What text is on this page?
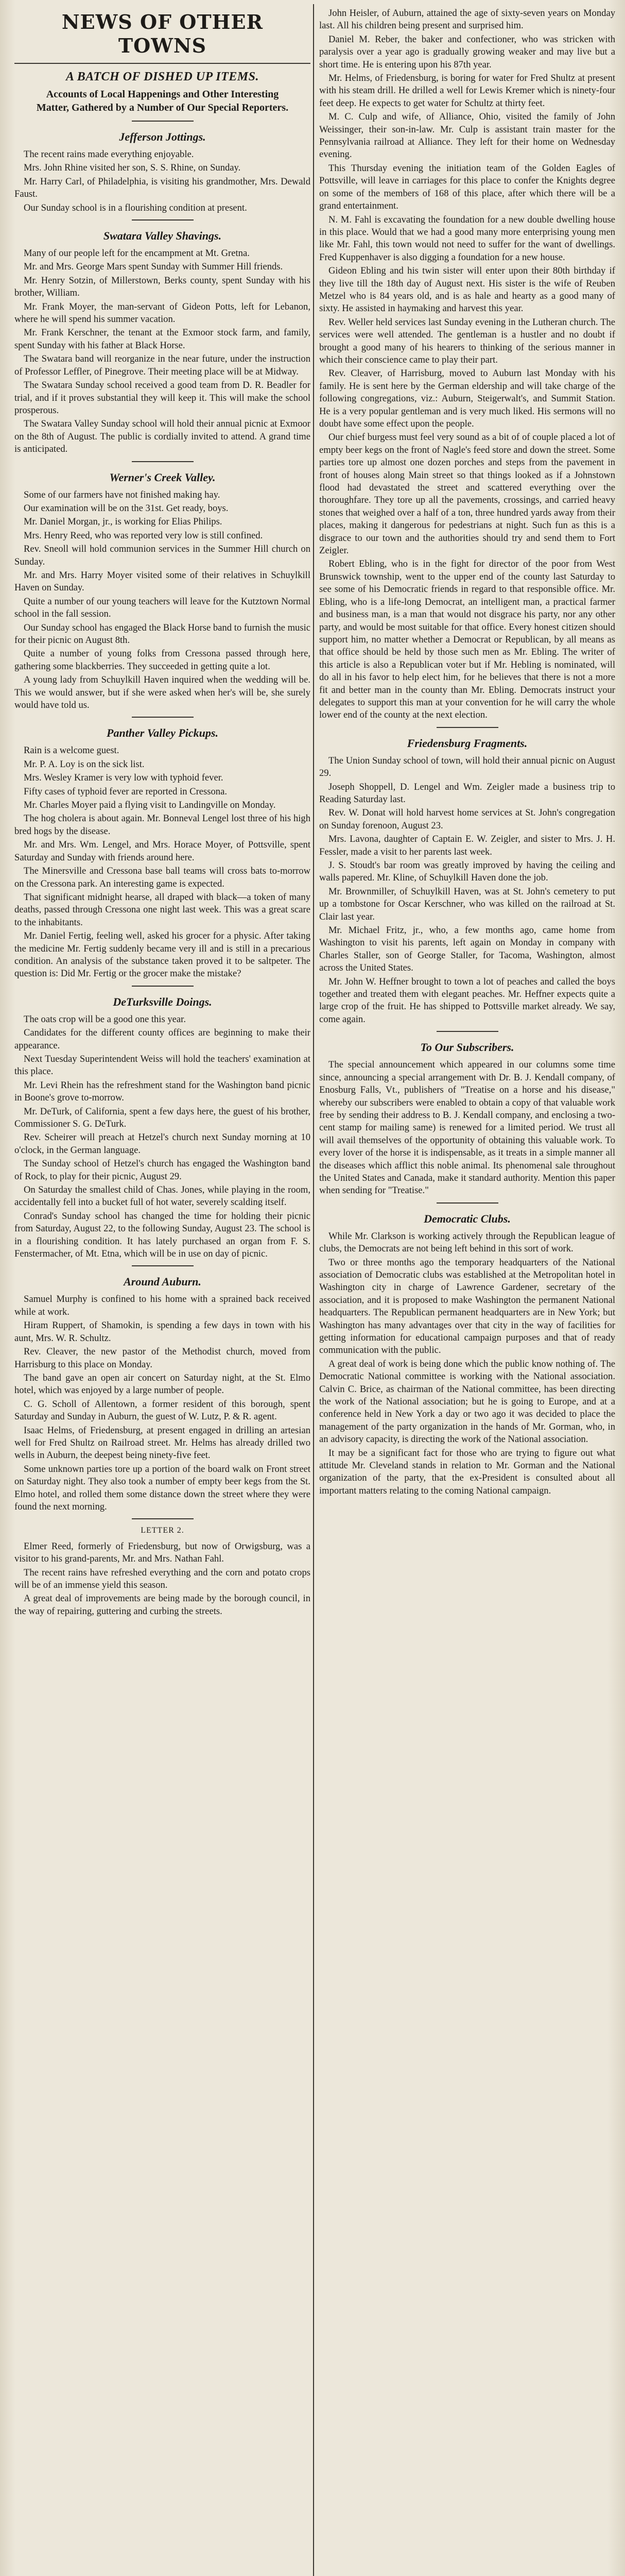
NEWS OF OTHER TOWNS
A BATCH OF DISHED UP ITEMS.
Accounts of Local Happenings and Other Interesting Matter, Gathered by a Number of Our Special Reporters.
Jefferson Jottings.

The recent rains made everything enjoyable.

Mrs. John Rhine visited her son, S. S. Rhine, on Sunday.

Mr. Harry Carl, of Philadelphia, is visiting his grandmother, Mrs. Dewald Faust.

Our Sunday school is in a flourishing condition at present.

Swatara Valley Shavings.

Many of our people left for the encampment at Mt. Gretna.

Mr. and Mrs. George Mars spent Sunday with Summer Hill friends.

Mr. Henry Sotzin, of Millerstown, Berks county, spent Sunday with his brother, William.

Mr. Frank Moyer, the man-servant of Gideon Potts, left for Lebanon, where he will spend his summer vacation.

Mr. Frank Kerschner, the tenant at the Exmoor stock farm, and family, spent Sunday with his father at Black Horse.

The Swatara band will reorganize in the near future, under the instruction of Professor Leffler, of Pinegrove. Their meeting place will be at Midway.

The Swatara Sunday school received a good team from D. R. Beadler for trial, and if it proves substantial they will keep it. This will make the school prosperous.

The Swatara Valley Sunday school will hold their annual picnic at Exmoor on the 8th of August. The public is cordially invited to attend. A grand time is anticipated.

Werner's Creek Valley.

Some of our farmers have not finished making hay.

Our examination will be on the 31st. Get ready, boys.

Mr. Daniel Morgan, jr., is working for Elias Philips.

Mrs. Henry Reed, who was reported very low is still confined.

Rev. Sneoll will hold communion services in the Summer Hill church on Sunday.

Mr. and Mrs. Harry Moyer visited some of their relatives in Schuylkill Haven on Sunday.

Quite a number of our young teachers will leave for the Kutztown Normal school in the fall session.

Our Sunday school has engaged the Black Horse band to furnish the music for their picnic on August 8th.

Quite a number of young folks from Cressona passed through here, gathering some blackberries. They succeeded in getting quite a lot.

A young lady from Schuylkill Haven inquired when the wedding will be. This we would answer, but if she were asked when her's will be, she surely would have told us.

Panther Valley Pickups.

Rain is a welcome guest.

Mr. P. A. Loy is on the sick list.

Mrs. Wesley Kramer is very low with typhoid fever.

Fifty cases of typhoid fever are reported in Cressona.

Mr. Charles Moyer paid a flying visit to Landingville on Monday.

The hog cholera is about again. Mr. Bonneval Lengel lost three of his high bred hogs by the disease.

Mr. and Mrs. Wm. Lengel, and Mrs. Horace Moyer, of Pottsville, spent Saturday and Sunday with friends around here.

The Minersville and Cressona base ball teams will cross bats to-morrow on the Cressona park. An interesting game is expected.

That significant midnight hearse, all draped with black—a token of many deaths, passed through Cressona one night last week. This was a great scare to the inhabitants.

Mr. Daniel Fertig, feeling well, asked his grocer for a physic. After taking the medicine Mr. Fertig suddenly became very ill and is still in a precarious condition. An analysis of the substance taken proved it to be saltpeter. The question is: Did Mr. Fertig or the grocer make the mistake?

DeTurksville Doings.

The oats crop will be a good one this year.

Candidates for the different county offices are beginning to make their appearance.

Next Tuesday Superintendent Weiss will hold the teachers' examination at this place.

Mr. Levi Rhein has the refreshment stand for the Washington band picnic in Boone's grove to-morrow.

Mr. DeTurk, of California, spent a few days here, the guest of his brother, Commissioner S. G. DeTurk.

Rev. Scheirer will preach at Hetzel's church next Sunday morning at 10 o'clock, in the German language.

The Sunday school of Hetzel's church has engaged the Washington band of Rock, to play for their picnic, August 29.

On Saturday the smallest child of Chas. Jones, while playing in the room, accidentally fell into a bucket full of hot water, severely scalding itself.

Conrad's Sunday school has changed the time for holding their picnic from Saturday, August 22, to the following Sunday, August 23. The school is in a flourishing condition. It has lately purchased an organ from F. S. Fenstermacher, of Mt. Etna, which will be in use on day of picnic.

Around Auburn.

Samuel Murphy is confined to his home with a sprained back received while at work.

Hiram Ruppert, of Shamokin, is spending a few days in town with his aunt, Mrs. W. R. Schultz.

Rev. Cleaver, the new pastor of the Methodist church, moved from Harrisburg to this place on Monday.

The band gave an open air concert on Saturday night, at the St. Elmo hotel, which was enjoyed by a large number of people.

C. G. Scholl of Allentown, a former resident of this borough, spent Saturday and Sunday in Auburn, the guest of W. Lutz, P. & R. agent.

Isaac Helms, of Friedensburg, at present engaged in drilling an artesian well for Fred Shultz on Railroad street. Mr. Helms has already drilled two wells in Auburn, the deepest being ninety-five feet.

Some unknown parties tore up a portion of the board walk on Front street on Saturday night. They also took a number of empty beer kegs from the St. Elmo hotel, and rolled them some distance down the street where they were found the next morning.

LETTER 2.

Elmer Reed, formerly of Friedensburg, but now of Orwigsburg, was a visitor to his grand-parents, Mr. and Mrs. Nathan Fahl.

The recent rains have refreshed everything and the corn and potato crops will be of an immense yield this season.

A great deal of improvements are being made by the borough council, in the way of repairing, guttering and curbing the streets.

John Heisler, of Auburn, attained the age of sixty-seven years on Monday last. All his children being present and surprised him.

Daniel M. Reber, the baker and confectioner, who was stricken with paralysis over a year ago is gradually growing weaker and may live but a short time. He is entering upon his 87th year.

Mr. Helms, of Friedensburg, is boring for water for Fred Shultz at present with his steam drill. He drilled a well for Lewis Kremer which is ninety-four feet deep. He expects to get water for Schultz at thirty feet.

M. C. Culp and wife, of Alliance, Ohio, visited the family of John Weissinger, their son-in-law. Mr. Culp is assistant train master for the Pennsylvania railroad at Alliance. They left for their home on Wednesday evening.

This Thursday evening the initiation team of the Golden Eagles of Pottsville, will leave in carriages for this place to confer the Knights degree on some of the members of 168 of this place, after which there will be a grand entertainment.

N. M. Fahl is excavating the foundation for a new double dwelling house in this place. Would that we had a good many more enterprising young men like Mr. Fahl, this town would not need to suffer for the want of dwellings. Fred Kuppenhaver is also digging a foundation for a new house.

Gideon Ebling and his twin sister will enter upon their 80th birthday if they live till the 18th day of August next. His sister is the wife of Reuben Metzel who is 84 years old, and is as hale and hearty as a good many of sixty. He assisted in haymaking and harvest this year.

Rev. Weller held services last Sunday evening in the Lutheran church. The services were well attended. The gentleman is a hustler and no doubt if brought a good many of his hearers to thinking of the serious manner in which their conscience came to play their part.

Rev. Cleaver, of Harrisburg, moved to Auburn last Monday with his family. He is sent here by the German eldership and will take charge of the following congregations, viz.: Auburn, Steigerwalt's, and Summit Station. He is a very popular gentleman and is very much liked. His sermons will no doubt have some effect upon the people.

Our chief burgess must feel very sound as a bit of of couple placed a lot of empty beer kegs on the front of Nagle's feed store and down the street. Some parties tore up almost one dozen porches and steps from the pavement in front of houses along Main street so that things looked as if a Johnstown flood had devastated the street and scattered everything over the thoroughfare. They tore up all the pavements, crossings, and carried heavy stones that weighed over a half of a ton, three hundred yards away from their places, making it dangerous for pedestrians at night. Such fun as this is a disgrace to our town and the authorities should try and send them to Fort Zeigler.

Robert Ebling, who is in the fight for director of the poor from West Brunswick township, went to the upper end of the county last Saturday to see some of his Democratic friends in regard to that responsible office. Mr. Ebling, who is a life-long Democrat, an intelligent man, a practical farmer and business man, is a man that would not disgrace his party, nor any other party, and would be most suitable for that office. Every honest citizen should support him, no matter whether a Democrat or Republican, by all means as that office should be held by those such men as Mr. Ebling. The writer of this article is also a Republican voter but if Mr. Hebling is nominated, will do all in his favor to help elect him, for he believes that there is not a more fit and better man in the county than Mr. Ebling. Democrats instruct your delegates to support this man at your convention for he will carry the whole lower end of the county at the next election.

Friedensburg Fragments.

The Union Sunday school of town, will hold their annual picnic on August 29.

Joseph Shoppell, D. Lengel and Wm. Zeigler made a business trip to Reading Saturday last.

Rev. W. Donat will hold harvest home services at St. John's congregation on Sunday forenoon, August 23.

Mrs. Lavona, daughter of Captain E. W. Zeigler, and sister to Mrs. J. H. Fessler, made a visit to her parents last week.

J. S. Stoudt's bar room was greatly improved by having the ceiling and walls papered. Mr. Kline, of Schuylkill Haven done the job.

Mr. Brownmiller, of Schuylkill Haven, was at St. John's cemetery to put up a tombstone for Oscar Kerschner, who was killed on the railroad at St. Clair last year.

Mr. Michael Fritz, jr., who, a few months ago, came home from Washington to visit his parents, left again on Monday in company with Charles Staller, son of George Staller, for Tacoma, Washington, almost across the United States.

Mr. John W. Heffner brought to town a lot of peaches and called the boys together and treated them with elegant peaches. Mr. Heffner expects quite a large crop of the fruit. He has shipped to Pottsville market already. We say, come again.

To Our Subscribers.

The special announcement which appeared in our columns some time since, announcing a special arrangement with Dr. B. J. Kendall company, of Enosburg Falls, Vt., publishers of "Treatise on a horse and his disease," whereby our subscribers were enabled to obtain a copy of that valuable work free by sending their address to B. J. Kendall company, and enclosing a two-cent stamp for mailing same) is renewed for a limited period. We trust all will avail themselves of the opportunity of obtaining this valuable work. To every lover of the horse it is indispensable, as it treats in a simple manner all the diseases which afflict this noble animal. Its phenomenal sale throughout the United States and Canada, make it standard authority. Mention this paper when sending for "Treatise."

Democratic Clubs.

While Mr. Clarkson is working actively through the Republican league of clubs, the Democrats are not being left behind in this sort of work.

Two or three months ago the temporary headquarters of the National association of Democratic clubs was established at the Metropolitan hotel in Washington city in charge of Lawrence Gardener, secretary of the association, and it is proposed to make Washington the permanent National headquarters. The Republican permanent headquarters are in New York; but Washington has many advantages over that city in the way of facilities for getting information for educational campaign purposes and that of ready communication with the public.

A great deal of work is being done which the public know nothing of. The Democratic National committee is working with the National association. Calvin C. Brice, as chairman of the National committee, has been directing the work of the National association; but he is going to Europe, and at a conference held in New York a day or two ago it was decided to place the management of the party organization in the hands of Mr. Gorman, who, in an advisory capacity, is directing the work of the National association.

It may be a significant fact for those who are trying to figure out what attitude Mr. Cleveland stands in relation to Mr. Gorman and the National organization of the party, that the ex-President is consulted about all important matters relating to the coming National campaign.
